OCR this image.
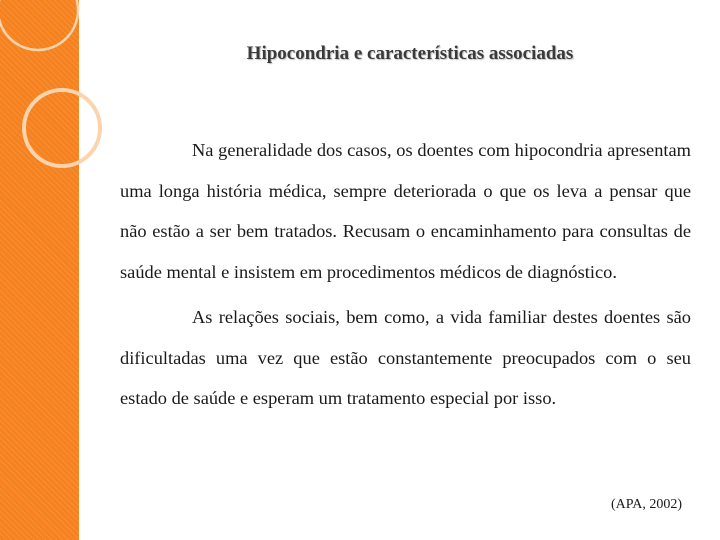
Hipocondria e características associadas

Na generalidade dos casos, os doentes com hipocondria apresentam uma longa história médica, sempre deteriorada o que os leva a pensar que não estão a ser bem tratados. Recusam o encaminhamento para consultas de saúde mental e insistem em procedimentos médicos de diagnóstico.

As relações sociais, bem como, a vida familiar destes doentes são dificultadas uma vez que estão constantemente preocupados com o seu estado de saúde e esperam um tratamento especial por isso.

(APA, 2002)
